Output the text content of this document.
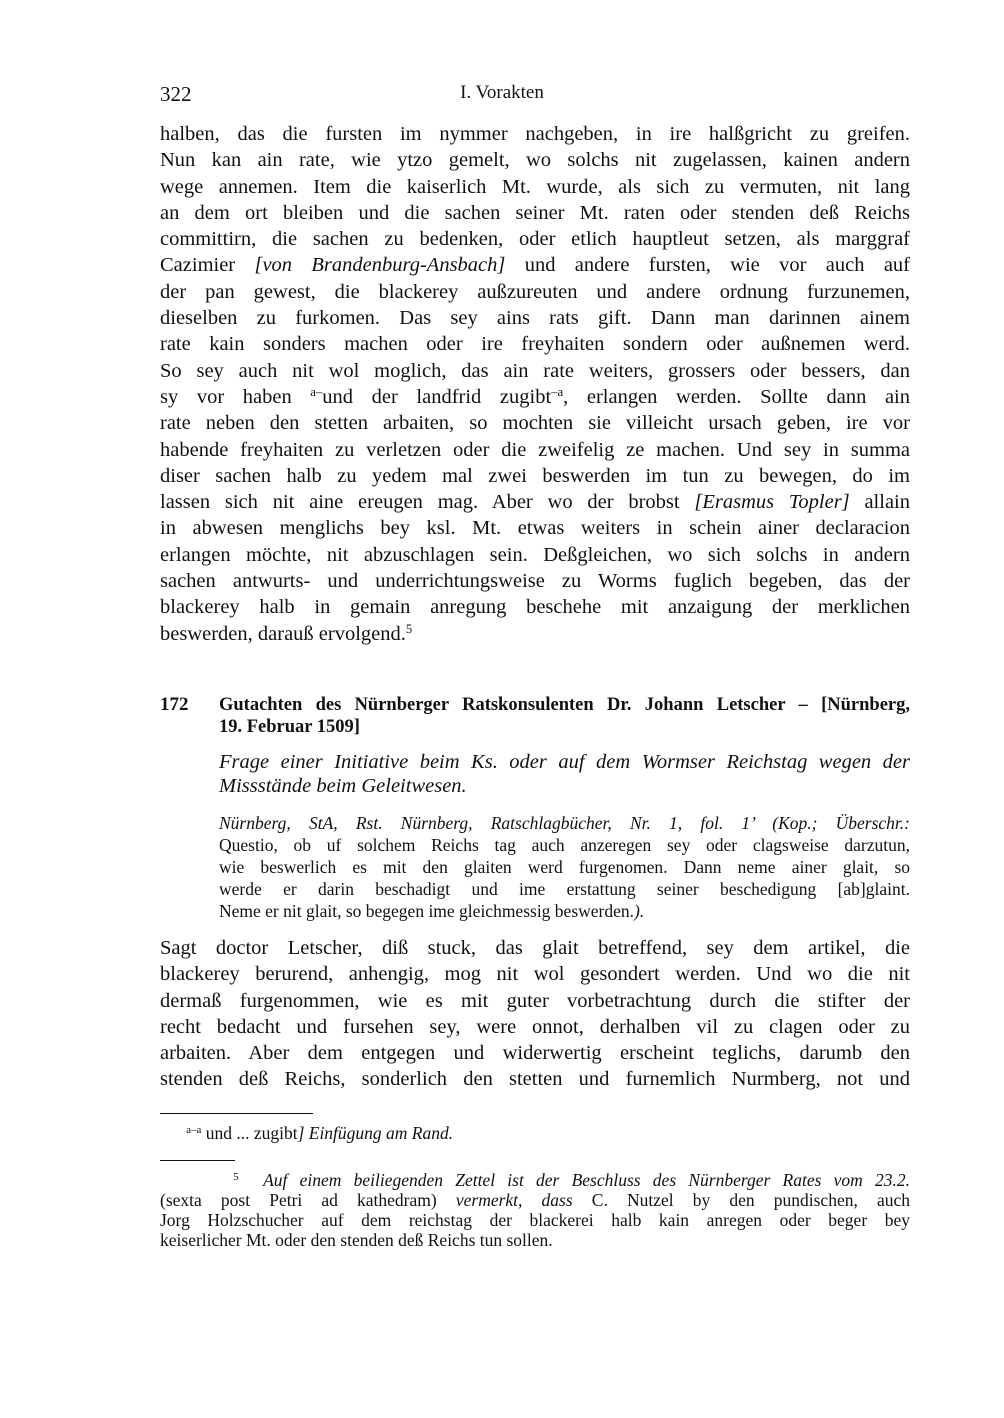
322	I. Vorakten
halben, das die fursten im nymmer nachgeben, in ire halßgricht zu greifen.
Nun kan ain rate, wie ytzo gemelt, wo solchs nit zugelassen, kainen andern
wege annemen. Item die kaiserlich Mt. wurde, als sich zu vermuten, nit lang
an dem ort bleiben und die sachen seiner Mt. raten oder stenden deß Reichs
committirn, die sachen zu bedenken, oder etlich hauptleut setzen, als marggraf
Cazimier [von Brandenburg-Ansbach] und andere fursten, wie vor auch auf
der pan gewest, die blackerey außzureuten und andere ordnung furzunemen,
dieselben zu furkomen. Das sey ains rats gift. Dann man darinnen ainem
rate kain sonders machen oder ire freyhaiten sondern oder außnemen werd.
So sey auch nit wol moglich, das ain rate weiters, grossers oder bessers, dan
sy vor haben $^{a-}$und der landfrid zugibt$^{-a}$, erlangen werden. Sollte dann ain
rate neben den stetten arbaiten, so mochten sie villeicht ursach geben, ire vor
habende freyhaiten zu verletzen oder die zweifelig ze machen. Und sey in summa
diser sachen halb zu yedem mal zwei beswerden im tun zu bewegen, do im
lassen sich nit aine ereugen mag. Aber wo der brobst [Erasmus Topler] allain
in abwesen menglichs bey ksl. Mt. etwas weiters in schein ainer declaracion
erlangen möchte, nit abzuschlagen sein. Deßgleichen, wo sich solchs in andern
sachen antwurts- und underrichtungsweise zu Worms fuglich begeben, das der
blackerey halb in gemain anregung beschehe mit anzaigung der merklichen
beswerden, darauß ervolgend.$^5$
172 Gutachten des Nürnberger Ratskonsulenten Dr. Johann Letscher – [Nürnberg,
19. Februar 1509]
Frage einer Initiative beim Ks. oder auf dem Wormser Reichstag wegen der
Missstände beim Geleitwesen.
Nürnberg, StA, Rst. Nürnberg, Ratschlagbücher, Nr. 1, fol. 1’ (Kop.; Überschr.:
Questio, ob uf solchem Reichs tag auch anzeregen sey oder clagsweise darzutun,
wie beswerlich es mit den glaiten werd furgenomen. Dann neme ainer glait, so
werde er darin beschadigt und ime erstattung seiner beschedigung [ab]glaint.
Neme er nit glait, so begegen ime gleichmessig beswerden.).
Sagt doctor Letscher, diß stuck, das glait betreffend, sey dem artikel, die
blackerey berurend, anhengig, mog nit wol gesondert werden. Und wo die nit
dermaß furgenommen, wie es mit guter vorbetrachtung durch die stifter der
recht bedacht und fursehen sey, were onnot, derhalben vil zu clagen oder zu
arbaiten. Aber dem entgegen und widerwertig erscheint teglichs, darumb den
stenden deß Reichs, sonderlich den stetten und furnemlich Nurmberg, not und
$^{a-a}$ und ... zugibt] Einfügung am Rand.
$^5$ Auf einem beiliegenden Zettel ist der Beschluss des Nürnberger Rates vom 23.2.
(sexta post Petri ad kathedram) vermerkt, dass C. Nutzel by den pundischen, auch
Jorg Holzschucher auf dem reichstag der blackerei halb kain anregen oder beger bey
keiserlicher Mt. oder den stenden deß Reichs tun sollen.
